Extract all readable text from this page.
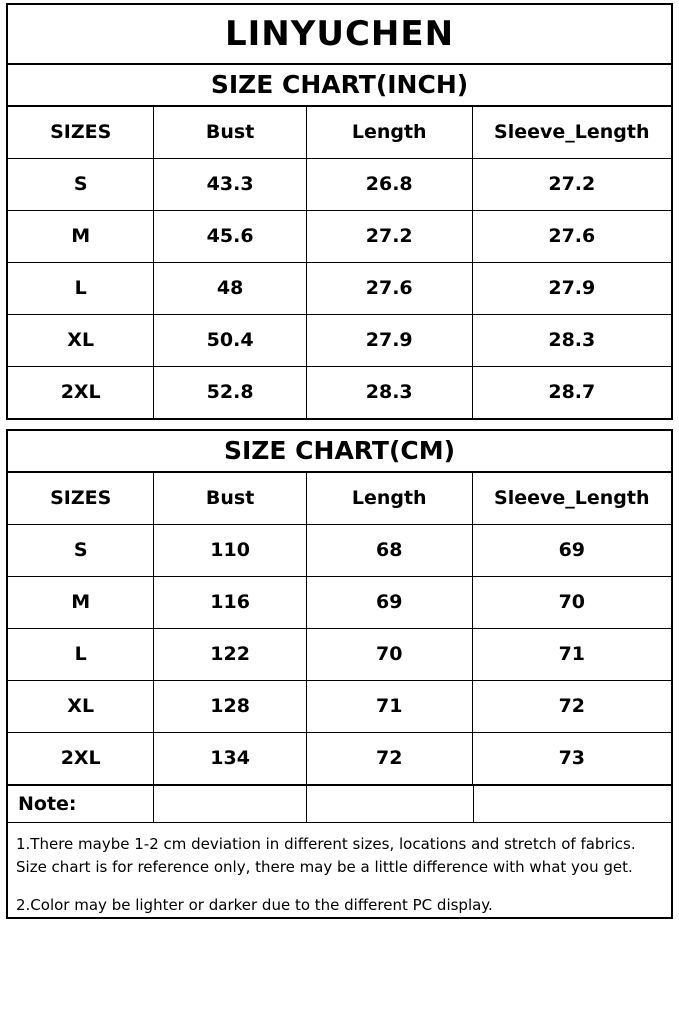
LINYUCHEN
SIZE CHART(INCH)
SIZES	Bust	Length	Sleeve_Length
S	43.3	26.8	27.2
M	45.6	27.2	27.6
L	48	27.6	27.9
XL	50.4	27.9	28.3
2XL	52.8	28.3	28.7
SIZE CHART(CM)
SIZES	Bust	Length	Sleeve_Length
S	110	68	69
M	116	69	70
L	122	70	71
XL	128	71	72
2XL	134	72	73
Note:

1.There maybe 1-2 cm deviation in different sizes, locations and stretch of fabrics. Size chart is for reference only, there may be a little difference with what you get.

2.Color may be lighter or darker due to the different PC display.
